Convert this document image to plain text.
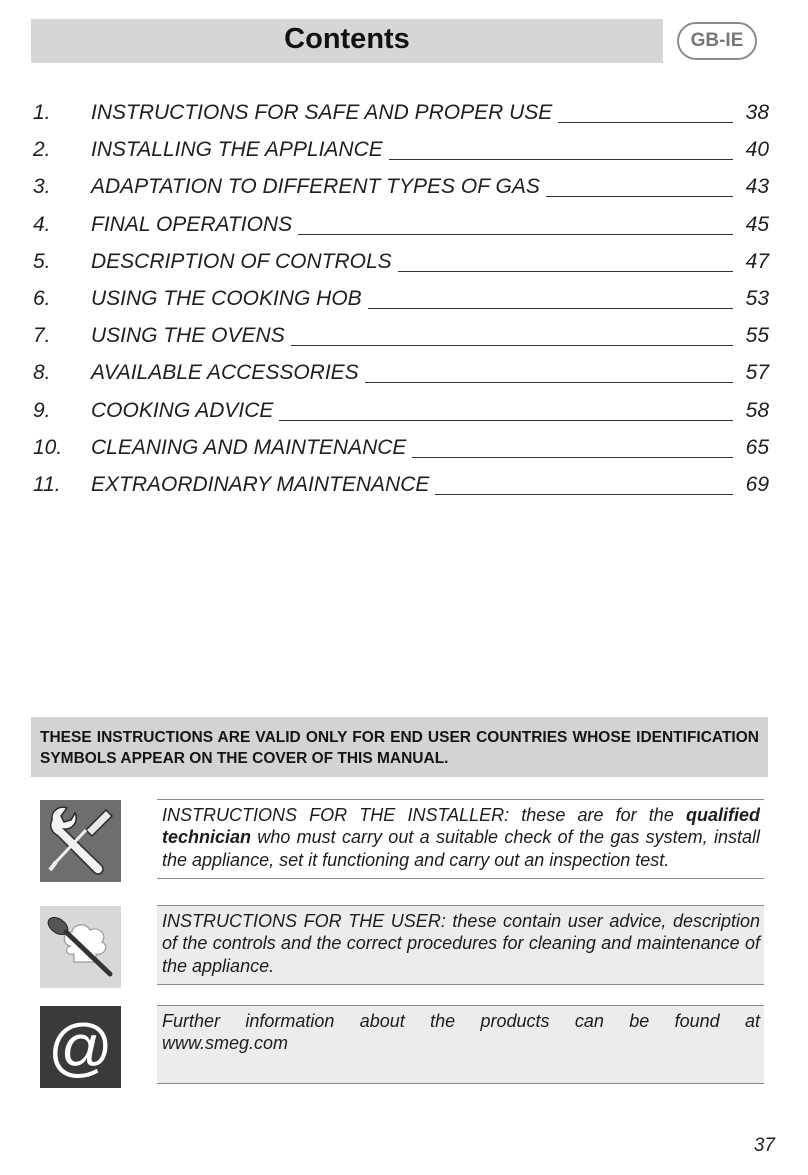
Contents	GB-IE
1.	INSTRUCTIONS FOR SAFE AND PROPER USE	38
2.	INSTALLING THE APPLIANCE	40
3.	ADAPTATION TO DIFFERENT TYPES OF GAS	43
4.	FINAL OPERATIONS	45
5.	DESCRIPTION OF CONTROLS	47
6.	USING THE COOKING HOB	53
7.	USING THE OVENS	55
8.	AVAILABLE ACCESSORIES	57
9.	COOKING ADVICE	58
10.	CLEANING AND MAINTENANCE	65
11.	EXTRAORDINARY MAINTENANCE	69
THESE INSTRUCTIONS ARE VALID ONLY FOR END USER COUNTRIES WHOSE IDENTIFICATION SYMBOLS APPEAR ON THE COVER OF THIS MANUAL.
INSTRUCTIONS FOR THE INSTALLER: these are for the qualified technician who must carry out a suitable check of the gas system, install the appliance, set it functioning and carry out an inspection test.
INSTRUCTIONS FOR THE USER: these contain user advice, description of the controls and the correct procedures for cleaning and maintenance of the appliance.
@	Further information about the products can be found at
www.smeg.com
37
